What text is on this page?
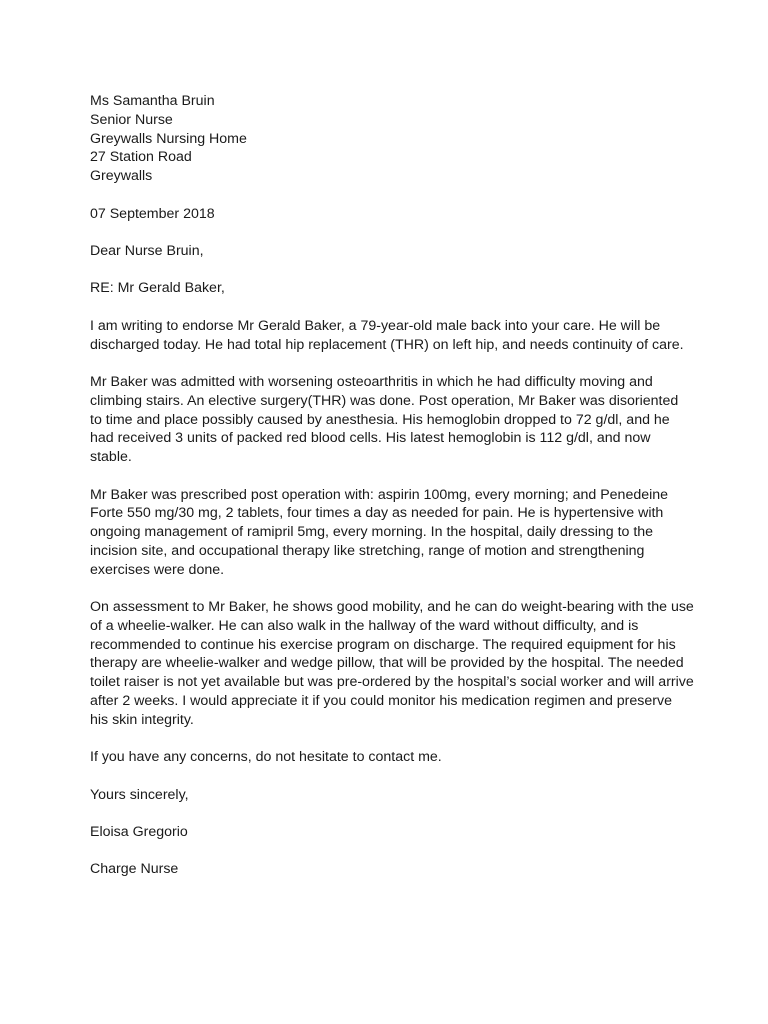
Ms Samantha Bruin
Senior Nurse
Greywalls Nursing Home
27 Station Road
Greywalls
07 September 2018
Dear Nurse Bruin,
RE: Mr Gerald Baker,
I am writing to endorse Mr Gerald Baker, a 79-year-old male back into your care. He will be
discharged today. He had total hip replacement (THR) on left hip, and needs continuity of care.
Mr Baker was admitted with worsening osteoarthritis in which he had difficulty moving and
climbing stairs. An elective surgery(THR) was done. Post operation, Mr Baker was disoriented
to time and place possibly caused by anesthesia. His hemoglobin dropped to 72 g/dl, and he
had received 3 units of packed red blood cells. His latest hemoglobin is 112 g/dl, and now
stable.
Mr Baker was prescribed post operation with: aspirin 100mg, every morning; and Penedeine
Forte 550 mg/30 mg, 2 tablets, four times a day as needed for pain. He is hypertensive with
ongoing management of ramipril 5mg, every morning. In the hospital, daily dressing to the
incision site, and occupational therapy like stretching, range of motion and strengthening
exercises were done.
On assessment to Mr Baker, he shows good mobility, and he can do weight-bearing with the use
of a wheelie-walker. He can also walk in the hallway of the ward without difficulty, and is
recommended to continue his exercise program on discharge. The required equipment for his
therapy are wheelie-walker and wedge pillow, that will be provided by the hospital. The needed
toilet raiser is not yet available but was pre-ordered by the hospital’s social worker and will arrive
after 2 weeks. I would appreciate it if you could monitor his medication regimen and preserve
his skin integrity.
If you have any concerns, do not hesitate to contact me.
Yours sincerely,
Eloisa Gregorio
Charge Nurse
